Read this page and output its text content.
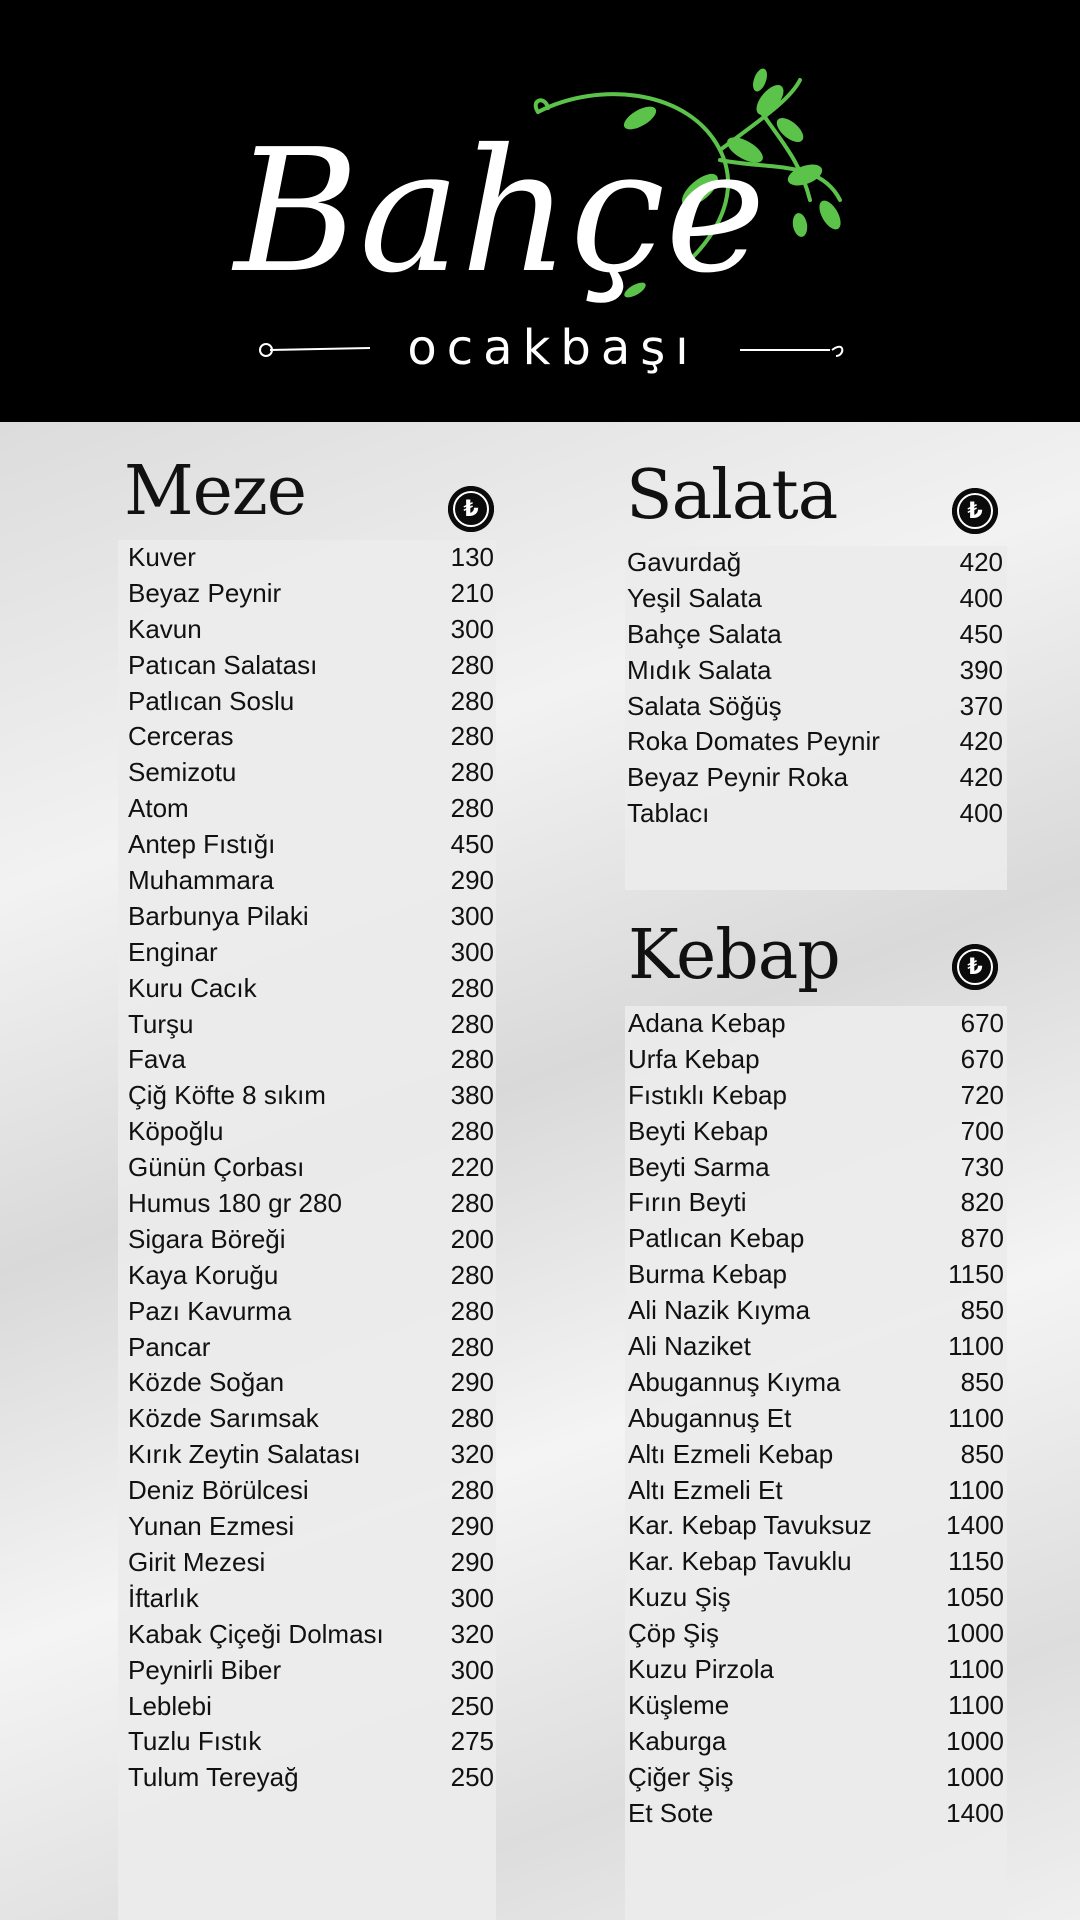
Bahçe
ocakbaşı
Meze	₺
Kuver	130
Beyaz Peynir	210
Kavun	300
Patıcan Salatası	280
Patlıcan Soslu	280
Cerceras	280
Semizotu	280
Atom	280
Antep Fıstığı	450
Muhammara	290
Barbunya Pilaki	300
Enginar	300
Kuru Cacık	280
Turşu	280
Fava	280
Çiğ Köfte 8 sıkım	380
Köpoğlu	280
Günün Çorbası	220
Humus 180 gr 280	280
Sigara Böreği	200
Kaya Koruğu	280
Pazı Kavurma	280
Pancar	280
Közde Soğan	290
Közde Sarımsak	280
Kırık Zeytin Salatası	320
Deniz Börülcesi	280
Yunan Ezmesi	290
Girit Mezesi	290
İftarlık	300
Kabak Çiçeği Dolması	320
Peynirli Biber	300
Leblebi	250
Tuzlu Fıstık	275
Tulum Tereyağ	250
Salata	₺
Gavurdağ	420
Yeşil Salata	400
Bahçe Salata	450
Mıdık Salata	390
Salata Söğüş	370
Roka Domates Peynir	420
Beyaz Peynir Roka	420
Tablacı	400
Kebap	₺
Adana Kebap	670
Urfa Kebap	670
Fıstıklı Kebap	720
Beyti Kebap	700
Beyti Sarma	730
Fırın Beyti	820
Patlıcan Kebap	870
Burma Kebap	1150
Ali Nazik Kıyma	850
Ali Naziket	1100
Abugannuş Kıyma	850
Abugannuş Et	1100
Altı Ezmeli Kebap	850
Altı Ezmeli Et	1100
Kar. Kebap Tavuksuz	1400
Kar. Kebap Tavuklu	1150
Kuzu Şiş	1050
Çöp Şiş	1000
Kuzu Pirzola	1100
Küşleme	1100
Kaburga	1000
Çiğer Şiş	1000
Et Sote	1400
